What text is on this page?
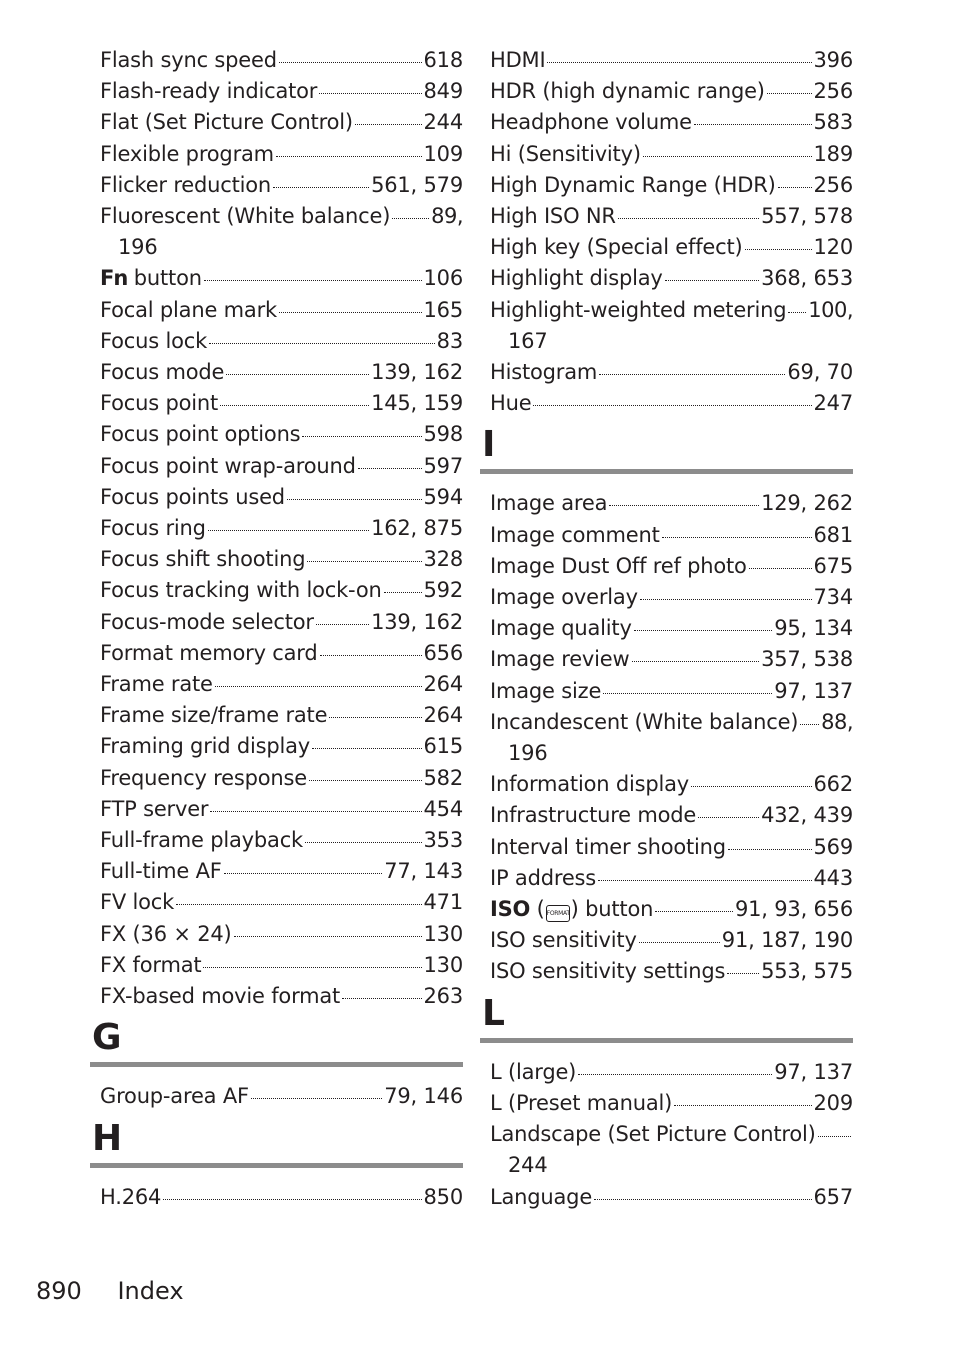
Flash sync speed	618
Flash-ready indicator	849
Flat (Set Picture Control)	244
Flexible program	109
Flicker reduction	561, 579
Fluorescent (White balance) 89,
196
Fn button	106
Focal plane mark	165
Focus lock	83
Focus mode	139, 162
Focus point	145, 159
Focus point options	598
Focus point wrap-around	597
Focus points used	594
Focus ring	162, 875
Focus shift shooting	328
Focus tracking with lock-on 592
Focus-mode selector	139, 162
Format memory card	656
Frame rate	264
Frame size/frame rate	264
Framing grid display	615
Frequency response	582
FTP server	454
Full-frame playback	353
Full-time AF	77, 143
FV lock	471
FX (36 × 24)	130
FX format	130
FX-based movie format	263
G
Group-area AF	79, 146
H
H.264	850
HDMI	396
HDR (high dynamic range) 256
Headphone volume	583
Hi (Sensitivity)	189
High Dynamic Range (HDR) 256
High ISO NR	557, 578
High key (Special effect)	120
Highlight display	368, 653
Highlight-weighted metering 100,
167
Histogram	69, 70
Hue	247
I
Image area	129, 262
Image comment	681
Image Dust Off ref photo	675
Image overlay	734
Image quality	95, 134
Image review	357, 538
Image size	97, 137
Incandescent (White balance) 88,
196
Information display	662
Infrastructure mode	432, 439
Interval timer shooting	569
IP address	443
ISO ( FORMAT) button	91, 93, 656
ISO sensitivity	91, 187, 190
ISO sensitivity settings 553, 575
L
L (large)	97, 137
L (Preset manual)	209
Landscape (Set Picture Control)
244
Language	657
890 Index
